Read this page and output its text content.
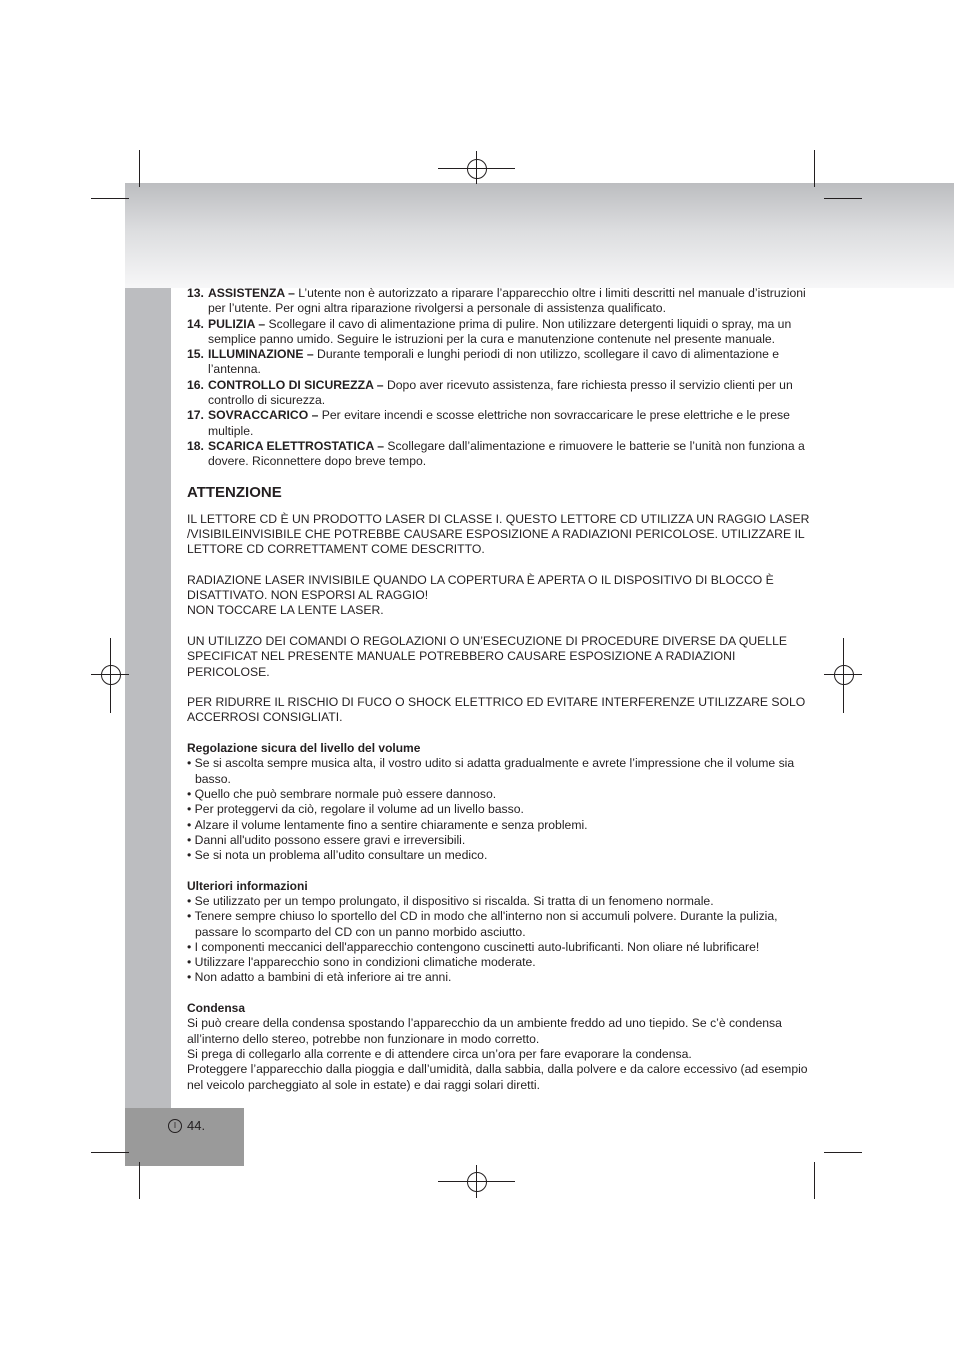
13. ASSISTENZA – L’utente non è autorizzato a riparare l’apparecchio oltre i limiti descritti nel manuale d’istruzioni per l’utente. Per ogni altra riparazione rivolgersi a personale di assistenza qualificato.
14. PULIZIA – Scollegare il cavo di alimentazione prima di pulire. Non utilizzare detergenti liquidi o spray, ma un semplice panno umido. Seguire le istruzioni per la cura e manutenzione contenute nel presente manuale.
15. ILLUMINAZIONE – Durante temporali e lunghi periodi di non utilizzo, scollegare il cavo di alimentazione e l’antenna.
16. CONTROLLO DI SICUREZZA – Dopo aver ricevuto assistenza, fare richiesta presso il servizio clienti per un controllo di sicurezza.
17. SOVRACCARICO – Per evitare incendi e scosse elettriche non sovraccaricare le prese elettriche e le prese multiple.
18. SCARICA ELETTROSTATICA – Scollegare dall’alimentazione e rimuovere le batterie se l’unità non funziona a dovere. Riconnettere dopo breve tempo.
ATTENZIONE

IL LETTORE CD È UN PRODOTTO LASER DI CLASSE I. QUESTO LETTORE CD UTILIZZA UN RAGGIO LASER /VISIBILEINVISIBILE CHE POTREBBE CAUSARE ESPOSIZIONE A RADIAZIONI PERICOLOSE. UTILIZZARE IL LETTORE CD CORRETTAMENT COME DESCRITTO.

RADIAZIONE LASER INVISIBILE QUANDO LA COPERTURA È APERTA O IL DISPOSITIVO DI BLOCCO È DISATTIVATO. NON ESPORSI AL RAGGIO!
NON TOCCARE LA LENTE LASER.

UN UTILIZZO DEI COMANDI O REGOLAZIONI O UN’ESECUZIONE DI PROCEDURE DIVERSE DA QUELLE SPECIFICAT NEL PRESENTE MANUALE POTREBBERO CAUSARE ESPOSIZIONE A RADIAZIONI PERICOLOSE.

PER RIDURRE IL RISCHIO DI FUCO O SHOCK ELETTRICO ED EVITARE INTERFERENZE UTILIZZARE SOLO ACCERROSI CONSIGLIATI.

Regolazione sicura del livello del volume
• Se si ascolta sempre musica alta, il vostro udito si adatta gradualmente e avrete l’impressione che il volume sia basso.
• Quello che può sembrare normale può essere dannoso.
• Per proteggervi da ciò, regolare il volume ad un livello basso.
• Alzare il volume lentamente fino a sentire chiaramente e senza problemi.
• Danni all'udito possono essere gravi e irreversibili.
• Se si nota un problema all’udito consultare un medico.
Ulteriori informazioni
• Se utilizzato per un tempo prolungato, il dispositivo si riscalda. Si tratta di un fenomeno normale.
• Tenere sempre chiuso lo sportello del CD in modo che all'interno non si accumuli polvere. Durante la pulizia, passare lo scomparto del CD con un panno morbido asciutto.
• I componenti meccanici dell'apparecchio contengono cuscinetti auto-lubrificanti. Non oliare né lubrificare!
• Utilizzare l'apparecchio sono in condizioni climatiche moderate.
• Non adatto a bambini di età inferiore ai tre anni.
Condensa

Si può creare della condensa spostando l’apparecchio da un ambiente freddo ad uno tiepido. Se c’è condensa all’interno dello stereo, potrebbe non funzionare in modo corretto.

Si prega di collegarlo alla corrente e di attendere circa un’ora per fare evaporare la condensa.

Proteggere l’apparecchio dalla pioggia e dall’umidità, dalla sabbia, dalla polvere e da calore eccessivo (ad esempio nel veicolo parcheggiato al sole in estate) e dai raggi solari diretti.

I 44.
